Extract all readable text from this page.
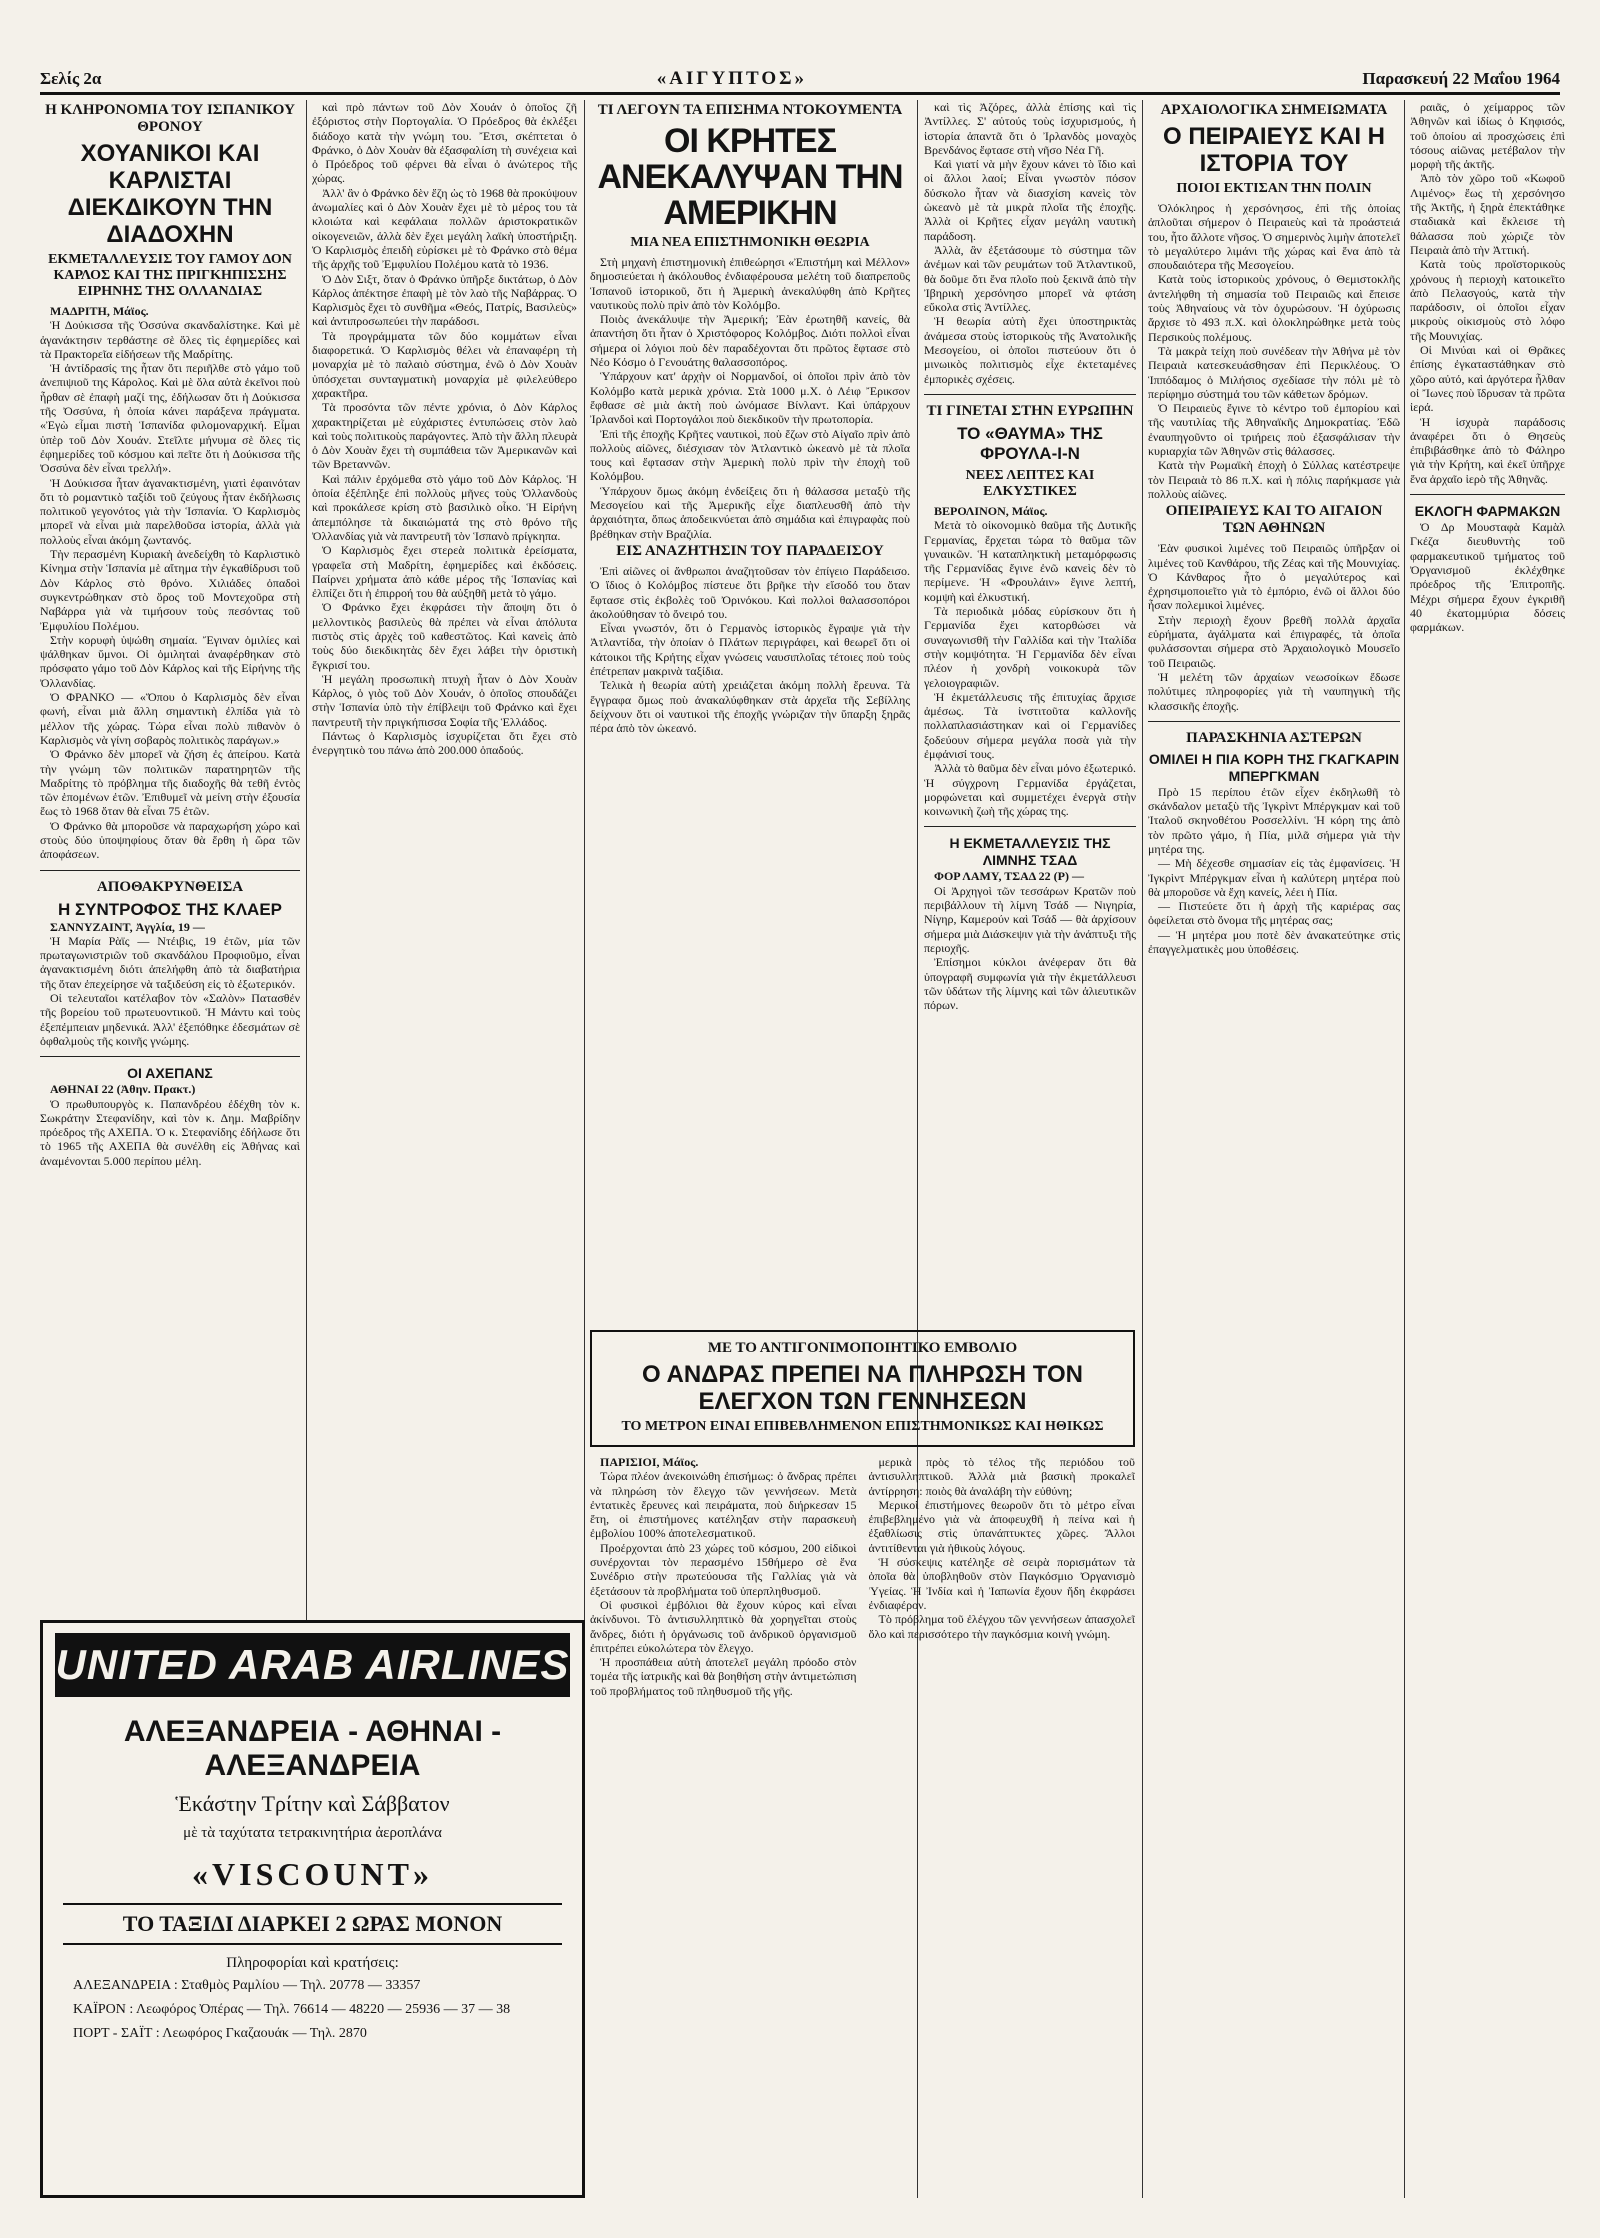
Σελίς 2α	«ΑΙΓΥΠΤΟΣ»	Παρασκευή 22 Μαΐου 1964
Η ΚΛΗΡΟΝΟΜΙΑ ΤΟΥ ΙΣΠΑΝΙΚΟΥ ΘΡΟΝΟΥ
ΧΟΥΑΝΙΚΟΙ ΚΑΙ ΚΑΡΛΙΣΤΑΙ ΔΙΕΚΔΙΚΟΥΝ ΤΗΝ ΔΙΑΔΟΧΗΝ
ΕΚΜΕΤΑΛΛΕΥΣΙΣ ΤΟΥ ΓΑΜΟΥ ΔΟΝ ΚΑΡΛΟΣ ΚΑΙ ΤΗΣ ΠΡΙΓΚΗΠΙΣΣΗΣ ΕΙΡΗΝΗΣ ΤΗΣ ΟΛΛΑΝΔΙΑΣ

ΜΑΔΡΙΤΗ, Μάϊος.

Ἡ Δούκισσα τῆς Ὀσσύνα σκανδαλίστηκε. Καὶ μὲ ἀγανάκτησιν τερθάστηε σὲ ὅλες τὶς ἐφημερίδες καὶ τὰ Πρακτορεῖα εἰδήσεων τῆς Μαδρίτης.

Ἡ ἀντίδρασίς της ἦταν ὅτι περιῆλθε στὸ γάμο τοῦ ἀνεπιψιοῦ της Κάρολος. Καὶ μὲ ὅλα αὐτὰ ἐκεῖνοι ποὺ ἦρθαν σὲ ἐπαφὴ μαζί της, ἐδήλωσαν ὅτι ἡ Δούκισσα τῆς Ὀσσύνα, ἡ ὁποία κάνει παράξενα πράγματα. «Ἐγὼ εἶμαι πιστὴ Ἱσπανίδα φιλομοναρχική. Εἶμαι ὑπὲρ τοῦ Δὸν Χουάν. Στεῖλτε μήνυμα σὲ ὅλες τὶς ἐφημερίδες τοῦ κόσμου καὶ πεῖτε ὅτι ἡ Δούκισσα τῆς Ὀσσύνα δὲν εἶναι τρελλή».

Ἡ Δούκισσα ἦταν ἀγανακτισμένη, γιατὶ ἐφαινόταν ὅτι τὸ ρομαντικὸ ταξίδι τοῦ ζεύγους ἦταν ἐκδήλωσις πολιτικοῦ γεγονότος γιὰ τὴν Ἱσπανία. Ὁ Καρλισμὸς μπορεῖ νὰ εἶναι μιὰ παρελθοῦσα ἱστορία, ἀλλὰ γιὰ πολλοὺς εἶναι ἀκόμη ζωντανός.

Τὴν περασμένη Κυριακὴ ἀνεδείχθη τὸ Καρλιστικὸ Κίνημα στὴν Ἱσπανία μὲ αἴτημα τὴν ἐγκαθίδρυσι τοῦ Δὸν Κάρλος στὸ θρόνο. Χιλιάδες ὀπαδοὶ συγκεντρώθηκαν στὸ ὅρος τοῦ Μοντεχοῦρα στὴ Ναβάρρα γιὰ νὰ τιμήσουν τοὺς πεσόντας τοῦ Ἐμφυλίου Πολέμου.

Στὴν κορυφὴ ὑψώθη σημαία. Ἔγιναν ὁμιλίες καὶ ψάλθηκαν ὕμνοι. Οἱ ὁμιληταὶ ἀναφέρθηκαν στὸ πρόσφατο γάμο τοῦ Δὸν Κάρλος καὶ τῆς Εἰρήνης τῆς Ὀλλανδίας.

Ὁ ΦΡΑΝΚΟ — «Ὅπου ὁ Καρλισμὸς δὲν εἶναι φωνή, εἶναι μιὰ ἄλλη σημαντικὴ ἐλπίδα γιὰ τὸ μέλλον τῆς χώρας. Τώρα εἶναι πολὺ πιθανὸν ὁ Καρλισμὸς νὰ γίνη σοβαρὸς πολιτικὸς παράγων.»

Ὁ Φράνκο δὲν μπορεῖ νὰ ζήση ἐς ἀπείρου. Κατὰ τὴν γνώμη τῶν πολιτικῶν παρατηρητῶν τῆς Μαδρίτης τὸ πρόβλημα τῆς διαδοχῆς θὰ τεθῆ ἐντὸς τῶν ἑπομένων ἐτῶν. Ἐπιθυμεῖ νὰ μείνη στὴν ἐξουσία ἕως τὸ 1968 ὅταν θὰ εἶναι 75 ἐτῶν.

Ὁ Φράνκο θὰ μποροῦσε νὰ παραχωρήση χώρο καὶ στοὺς δύο ὑποψηφίους ὅταν θὰ ἔρθη ἡ ὥρα τῶν ἀποφάσεων.

ΑΠΟΘΑΚΡΥΝΘΕΙΣΑ
Η ΣΥΝΤΡΟΦΟΣ ΤΗΣ ΚΛΑΕΡ

ΣΑΝΝΥΖΑΙΝΤ, Ἀγγλία, 19 —

Ἡ Μαρία Ρὰϊς — Ντέιβις, 19 ἐτῶν, μία τῶν πρωταγωνιστριῶν τοῦ σκανδάλου Προφιοῦμο, εἶναι ἀγανακτισμένη διότι ἀπελήφθη ἀπὸ τὰ διαβατήρια τῆς ὅταν ἐπεχείρησε νὰ ταξιδεύση εἰς τὸ ἐξωτερικόν.

Οἱ τελευταῖοι κατέλαβον τὸν «Σαλὸν» Πατασθέν τῆς βορείου τοῦ πρωτευοντικοῦ. Ἡ Μάντυ καὶ τοὺς ἐξεπέμπειαν μηδενικά. Ἀλλ' ἐξεπόθηκε ἐδεσμάτων σὲ ὀφθαλμοὺς τῆς κοινῆς γνώμης.

ΟΙ ΑΧΕΠΑΝΣ

ΑΘΗΝΑΙ 22 (Ἀθην. Πρακτ.)

Ὁ πρωθυπουργὸς κ. Παπανδρέου ἐδέχθη τὸν κ. Σωκράτην Στεφανίδην, καὶ τὸν κ. Δημ. Μαβρίδην πρόεδρος τῆς ΑΧΕΠΑ. Ὁ κ. Στεφανίδης ἐδήλωσε ὅτι τὸ 1965 τῆς ΑΧΕΠΑ θὰ συνέλθη εἰς Ἀθήνας καὶ ἀναμένονται 5.000 περίπου μέλη.

καὶ πρὸ πάντων τοῦ Δὸν Χουάν ὁ ὁποῖος ζῆ ἐξόριστος στὴν Πορτογαλία. Ὁ Πρόεδρος θὰ ἐκλέξει διάδοχο κατὰ τὴν γνώμη του. Ἔτσι, σκέπτεται ὁ Φράνκο, ὁ Δὸν Χουὰν θὰ ἐξασφαλίση τὴ συνέχεια καὶ ὁ Πρόεδρος τοῦ φέρνει θὰ εἶναι ὁ ἀνώτερος τῆς χώρας.

Ἀλλ' ἂν ὁ Φράνκο δὲν ἔζη ὡς τὸ 1968 θὰ προκύψουν ἀνωμαλίες καὶ ὁ Δὸν Χουὰν ἔχει μὲ τὸ μέρος του τὰ κλοιώτα καὶ κεφάλαια πολλῶν ἀριστοκρατικῶν οἰκογενειῶν, ἀλλὰ δὲν ἔχει μεγάλη λαϊκὴ ὑποστήριξη. Ὁ Καρλισμὸς ἐπειδὴ εὑρίσκει μὲ τὸ Φράνκο στὸ θέμα τῆς ἀρχῆς τοῦ Ἐμφυλίου Πολέμου κατὰ τὸ 1936.

Ὁ Δὸν Σιξτ, ὅταν ὁ Φράνκο ὑπῆρξε δικτάτωρ, ὁ Δὸν Κάρλος ἀπέκτησε ἐπαφὴ μὲ τὸν λαὸ τῆς Ναβάρρας. Ὁ Καρλισμὸς ἔχει τὸ συνθῆμα «Θεός, Πατρίς, Βασιλεὺς» καὶ ἀντιπροσωπεύει τὴν παράδοσι.

Τὰ προγράμματα τῶν δύο κομμάτων εἶναι διαφορετικά. Ὁ Καρλισμὸς θέλει νὰ ἐπαναφέρη τὴ μοναρχία μὲ τὸ παλαιὸ σύστημα, ἐνῶ ὁ Δὸν Χουὰν ὑπόσχεται συνταγματικὴ μοναρχία μὲ φιλελεύθερο χαρακτῆρα.

Τὰ προσόντα τῶν πέντε χρόνια, ὁ Δὸν Κάρλος χαρακτηρίζεται μὲ εὐχάριστες ἐντυπώσεις στὸν λαὸ καὶ τοὺς πολιτικοὺς παράγοντες. Ἀπὸ τὴν ἄλλη πλευρὰ ὁ Δὸν Χουὰν ἔχει τὴ συμπάθεια τῶν Ἀμερικανῶν καὶ τῶν Βρεταννῶν.

Καὶ πάλιν ἐρχόμεθα στὸ γάμο τοῦ Δὸν Κάρλος. Ἡ ὁποία ἐξέπληξε ἐπὶ πολλοὺς μῆνες τοὺς Ὀλλανδοὺς καὶ προκάλεσε κρίση στὸ βασιλικὸ οἶκο. Ἡ Εἰρήνη ἀπεμπόλησε τὰ δικαιώματά της στὸ θρόνο τῆς Ὀλλανδίας γιὰ νὰ παντρευτῆ τὸν Ἱσπανὸ πρίγκηπα.

Ὁ Καρλισμὸς ἔχει στερεὰ πολιτικὰ ἐρείσματα, γραφεῖα στὴ Μαδρίτη, ἐφημερίδες καὶ ἐκδόσεις. Παίρνει χρήματα ἀπὸ κάθε μέρος τῆς Ἱσπανίας καὶ ἐλπίζει ὅτι ἡ ἐπιρροή του θὰ αὐξηθῆ μετὰ τὸ γάμο.

Ὁ Φράνκο ἔχει ἐκφράσει τὴν ἄποψη ὅτι ὁ μελλοντικὸς βασιλεὺς θὰ πρέπει νὰ εἶναι ἀπόλυτα πιστὸς στὶς ἀρχὲς τοῦ καθεστῶτος. Καὶ κανεὶς ἀπὸ τοὺς δύο διεκδικητὰς δὲν ἔχει λάβει τὴν ὁριστικὴ ἔγκρισί του.

Ἡ μεγάλη προσωπικὴ πτυχὴ ἦταν ὁ Δὸν Χουὰν Κάρλος, ὁ γιὸς τοῦ Δὸν Χουάν, ὁ ὁποῖος σπουδάζει στὴν Ἱσπανία ὑπὸ τὴν ἐπίβλεψι τοῦ Φράνκο καὶ ἔχει παντρευτῆ τὴν πριγκήπισσα Σοφία τῆς Ἑλλάδος.

Πάντως ὁ Καρλισμὸς ἰσχυρίζεται ὅτι ἔχει στὸ ἐνεργητικὸ του πάνω ἀπὸ 200.000 ὀπαδούς.

ΤΙ ΛΕΓΟΥΝ ΤΑ ΕΠΙΣΗΜΑ ΝΤΟΚΟΥΜΕΝΤΑ
ΟΙ ΚΡΗΤΕΣ ΑΝΕΚΑΛΥΨΑΝ ΤΗΝ ΑΜΕΡΙΚΗΝ
ΜΙΑ ΝΕΑ ΕΠΙΣΤΗΜΟΝΙΚΗ ΘΕΩΡΙΑ

Στὴ μηχανὴ ἐπιστημονικὴ ἐπιθεώρησι «Ἐπιστήμη καὶ Μέλλον» δημοσιεύεται ἡ ἀκόλουθος ἐνδιαφέρουσα μελέτη τοῦ διαπρεποῦς Ἱσπανοῦ ἱστορικοῦ, ὅτι ἡ Ἀμερικὴ ἀνεκαλύφθη ἀπὸ Κρῆτες ναυτικοὺς πολὺ πρὶν ἀπὸ τὸν Κολόμβο.

Ποιὸς ἀνεκάλυψε τὴν Ἀμερική; Ἐὰν ἐρωτηθῆ κανείς, θὰ ἀπαντήση ὅτι ἦταν ὁ Χριστόφορος Κολόμβος. Διότι πολλοὶ εἶναι σήμερα οἱ λόγιοι ποὺ δὲν παραδέχονται ὅτι πρῶτος ἔφτασε στὸ Νέο Κόσμο ὁ Γενουάτης θαλασσοπόρος.

Ὑπάρχουν κατ' ἀρχὴν οἱ Νορμανδοί, οἱ ὁποῖοι πρὶν ἀπὸ τὸν Κολόμβο κατὰ μερικὰ χρόνια. Στὰ 1000 μ.Χ. ὁ Λέιφ Ἔρικσον ἔφθασε σὲ μιὰ ἀκτὴ ποὺ ὠνόμασε Βίνλαντ. Καὶ ὑπάρχουν Ἰρλανδοὶ καὶ Πορτογάλοι ποὺ διεκδικοῦν τὴν πρωτοπορία.

Ἐπὶ τῆς ἐποχῆς Κρῆτες ναυτικοὶ, ποὺ ἔζων στὸ Αἰγαῖο πρὶν ἀπὸ πολλοὺς αἰῶνες, διέσχισαν τὸν Ἀτλαντικὸ ὠκεανὸ μὲ τὰ πλοῖα τους καὶ ἔφτασαν στὴν Ἀμερικὴ πολὺ πρὶν τὴν ἐποχὴ τοῦ Κολόμβου.

Ὑπάρχουν ὅμως ἀκόμη ἐνδείξεις ὅτι ἡ θάλασσα μεταξὺ τῆς Μεσογείου καὶ τῆς Ἀμερικῆς εἶχε διαπλευσθῆ ἀπὸ τὴν ἀρχαιότητα, ὅπως ἀποδεικνύεται ἀπὸ σημάδια καὶ ἐπιγραφὰς ποὺ βρέθηκαν στὴν Βραζιλία.

ΕΙΣ ΑΝΑΖΗΤΗΣΙΝ ΤΟΥ ΠΑΡΑΔΕΙΣΟΥ

Ἐπὶ αἰῶνες οἱ ἄνθρωποι ἀναζητοῦσαν τὸν ἐπίγειο Παράδεισο. Ὁ ἴδιος ὁ Κολόμβος πίστευε ὅτι βρῆκε τὴν εἴσοδό του ὅταν ἔφτασε στὶς ἐκβολὲς τοῦ Ὀρινόκου. Καὶ πολλοὶ θαλασσοπόροι ἀκολούθησαν τὸ ὄνειρό του.

Εἶναι γνωστόν, ὅτι ὁ Γερμανὸς ἱστορικὸς ἔγραψε γιὰ τὴν Ἀτλαντίδα, τὴν ὁποίαν ὁ Πλάτων περιγράφει, καὶ θεωρεῖ ὅτι οἱ κάτοικοι τῆς Κρήτης εἶχαν γνώσεις ναυσιπλοΐας τέτοιες ποὺ τοὺς ἐπέτρεπαν μακρινὰ ταξίδια.

Τελικὰ ἡ θεωρία αὐτὴ χρειάζεται ἀκόμη πολλὴ ἔρευνα. Τὰ ἔγγραφα ὅμως ποὺ ἀνακαλύφθηκαν στὰ ἀρχεῖα τῆς Σεβίλλης δείχνουν ὅτι οἱ ναυτικοὶ τῆς ἐποχῆς γνώριζαν τὴν ὕπαρξη ξηρᾶς πέρα ἀπὸ τὸν ὠκεανό.

καὶ τὶς Ἀζόρες, ἀλλὰ ἐπίσης καὶ τὶς Ἀντίλλες. Σ' αὐτούς τοὺς ἰσχυρισμούς, ἡ ἱστορία ἀπαντᾶ ὅτι ὁ Ἰρλανδὸς μοναχὸς Βρενδάνος ἔφτασε στὴ νῆσο Νέα Γῆ.

Καὶ γιατί νὰ μὴν ἔχουν κάνει τὸ ἴδιο καὶ οἱ ἄλλοι λαοί; Εἶναι γνωστὸν πόσον δύσκολο ἦταν νὰ διασχίση κανεὶς τὸν ὠκεανὸ μὲ τὰ μικρὰ πλοῖα τῆς ἐποχῆς. Ἀλλὰ οἱ Κρῆτες εἶχαν μεγάλη ναυτικὴ παράδοση.

Ἀλλὰ, ἂν ἐξετάσουμε τὸ σύστημα τῶν ἀνέμων καὶ τῶν ρευμάτων τοῦ Ἀτλαντικοῦ, θὰ δοῦμε ὅτι ἕνα πλοῖο ποὺ ξεκινᾶ ἀπὸ τὴν Ἰβηρικὴ χερσόνησο μπορεῖ νὰ φτάση εὔκολα στὶς Ἀντίλλες.

Ἡ θεωρία αὐτὴ ἔχει ὑποστηρικτὰς ἀνάμεσα στοὺς ἱστορικοὺς τῆς Ἀνατολικῆς Μεσογείου, οἱ ὁποῖοι πιστεύουν ὅτι ὁ μινωικὸς πολιτισμὸς εἶχε ἐκτεταμένες ἐμπορικὲς σχέσεις.

ΤΙ ΓΙΝΕΤΑΙ ΣΤΗΝ ΕΥΡΩΠΗΝ
ΤΟ «ΘΑΥΜΑ» ΤΗΣ ΦΡΟΥΛΑ-Ι-Ν
ΝΕΕΣ ΛΕΠΤΕΣ ΚΑΙ ΕΛΚΥΣΤΙΚΕΣ

ΒΕΡΟΛΙΝΟΝ, Μάϊος.

Μετὰ τὸ οἰκονομικὸ θαῦμα τῆς Δυτικῆς Γερμανίας, ἔρχεται τώρα τὸ θαῦμα τῶν γυναικῶν. Ἡ καταπληκτικὴ μεταμόρφωσις τῆς Γερμανίδας ἔγινε ἐνῶ κανεὶς δὲν τὸ περίμενε. Ἡ «Φρουλάιν» ἔγινε λεπτή, κομψὴ καὶ ἐλκυστική.

Τὰ περιοδικὰ μόδας εὑρίσκουν ὅτι ἡ Γερμανίδα ἔχει κατορθώσει νὰ συναγωνισθῆ τὴν Γαλλίδα καὶ τὴν Ἰταλίδα στὴν κομψότητα. Ἡ Γερμανίδα δὲν εἶναι πλέον ἡ χονδρὴ νοικοκυρὰ τῶν γελοιογραφιῶν.

Ἡ ἐκμετάλλευσις τῆς ἐπιτυχίας ἄρχισε ἀμέσως. Τὰ ἰνστιτοῦτα καλλονῆς πολλαπλασιάστηκαν καὶ οἱ Γερμανίδες ξοδεύουν σήμερα μεγάλα ποσὰ γιὰ τὴν ἐμφάνισί τους.

Ἀλλὰ τὸ θαῦμα δὲν εἶναι μόνο ἐξωτερικό. Ἡ σύγχρονη Γερμανίδα ἐργάζεται, μορφώνεται καὶ συμμετέχει ἐνεργὰ στὴν κοινωνικὴ ζωὴ τῆς χώρας της.

Η ΕΚΜΕΤΑΛΛΕΥΣΙΣ ΤΗΣ ΛΙΜΝΗΣ ΤΣΑΔ

ΦΟΡ ΛΑΜΥ, ΤΣΑΔ 22 (Ρ) —

Οἱ Ἀρχηγοὶ τῶν τεσσάρων Κρατῶν ποὺ περιβάλλουν τὴ λίμνη Τσάδ — Νιγηρία, Νίγηρ, Καμερούν καὶ Τσάδ — θὰ ἀρχίσουν σήμερα μιὰ Διάσκεψιν γιὰ τὴν ἀνάπτυξι τῆς περιοχῆς.

Ἐπίσημοι κύκλοι ἀνέφεραν ὅτι θὰ ὑπογραφῆ συμφωνία γιὰ τὴν ἐκμετάλλευσι τῶν ὑδάτων τῆς λίμνης καὶ τῶν ἀλιευτικῶν πόρων.

ΑΡΧΑΙΟΛΟΓΙΚΑ ΣΗΜΕΙΩΜΑΤΑ
Ο ΠΕΙΡΑΙΕΥΣ ΚΑΙ Η ΙΣΤΟΡΙΑ ΤΟΥ
ΠΟΙΟΙ ΕΚΤΙΣΑΝ ΤΗΝ ΠΟΛΙΝ

Ὁλόκληρος ἡ χερσόνησος, ἐπὶ τῆς ὁποίας ἀπλοῦται σήμερον ὁ Πειραιεὺς καὶ τὰ προάστειά του, ἦτο ἄλλοτε νῆσος. Ὁ σημερινὸς λιμὴν ἀποτελεῖ τὸ μεγαλύτερο λιμάνι τῆς χώρας καὶ ἕνα ἀπὸ τὰ σπουδαιότερα τῆς Μεσογείου.

Κατὰ τοὺς ἱστορικοὺς χρόνους, ὁ Θεμιστοκλῆς ἀντελήφθη τὴ σημασία τοῦ Πειραιῶς καὶ ἔπεισε τοὺς Ἀθηναίους νὰ τὸν ὀχυρώσουν. Ἡ ὀχύρωσις ἄρχισε τὸ 493 π.Χ. καὶ ὁλοκληρώθηκε μετὰ τοὺς Περσικοὺς πολέμους.

Τὰ μακρὰ τείχη ποὺ συνέδεαν τὴν Ἀθήνα μὲ τὸν Πειραιὰ κατεσκευάσθησαν ἐπὶ Περικλέους. Ὁ Ἱππόδαμος ὁ Μιλήσιος σχεδίασε τὴν πόλι μὲ τὸ περίφημο σύστημά του τῶν κάθετων δρόμων.

Ὁ Πειραιεὺς ἔγινε τὸ κέντρο τοῦ ἐμπορίου καὶ τῆς ναυτιλίας τῆς Ἀθηναϊκῆς Δημοκρατίας. Ἐδῶ ἐναυπηγοῦντο οἱ τριήρεις ποὺ ἐξασφάλισαν τὴν κυριαρχία τῶν Ἀθηνῶν στὶς θάλασσες.

Κατὰ τὴν Ρωμαϊκὴ ἐποχὴ ὁ Σύλλας κατέστρεψε τὸν Πειραιὰ τὸ 86 π.Χ. καὶ ἡ πόλις παρήκμασε γιὰ πολλοὺς αἰῶνες.

ΟΠΕΙΡΑΙΕΥΣ ΚΑΙ ΤΟ ΑΙΓΑΙΟΝ ΤΩΝ ΑΘΗΝΩΝ

Ἐὰν φυσικοὶ λιμένες τοῦ Πειραιῶς ὑπῆρξαν οἱ λιμένες τοῦ Κανθάρου, τῆς Ζέας καὶ τῆς Μουνιχίας. Ὁ Κάνθαρος ἦτο ὁ μεγαλύτερος καὶ ἐχρησιμοποιεῖτο γιὰ τὸ ἐμπόριο, ἐνῶ οἱ ἄλλοι δύο ἦσαν πολεμικοὶ λιμένες.

Στὴν περιοχὴ ἔχουν βρεθῆ πολλὰ ἀρχαῖα εὑρήματα, ἀγάλματα καὶ ἐπιγραφές, τὰ ὁποῖα φυλάσσονται σήμερα στὸ Ἀρχαιολογικὸ Μουσεῖο τοῦ Πειραιῶς.

Ἡ μελέτη τῶν ἀρχαίων νεωσοίκων ἔδωσε πολύτιμες πληροφορίες γιὰ τὴ ναυπηγικὴ τῆς κλασσικῆς ἐποχῆς.

ΠΑΡΑΣΚΗΝΙΑ ΑΣΤΕΡΩΝ
ΟΜΙΛΕΙ Η ΠΙΑ ΚΟΡΗ ΤΗΣ ΓΚΑΓΚΑΡΙΝ ΜΠΕΡΓΚΜΑΝ

Πρὸ 15 περίπου ἐτῶν εἶχεν ἐκδηλωθῆ τὸ σκάνδαλον μεταξὺ τῆς Ἰγκρὶντ Μπέργκμαν καὶ τοῦ Ἰταλοῦ σκηνοθέτου Ροσσελλίνι. Ἡ κόρη της ἀπὸ τὸν πρῶτο γάμο, ἡ Πία, μιλᾶ σήμερα γιὰ τὴν μητέρα της.

— Μὴ δέχεσθε σημασίαν εἰς τὰς ἐμφανίσεις. Ἡ Ἰγκρὶντ Μπέργκμαν εἶναι ἡ καλύτερη μητέρα ποὺ θὰ μποροῦσε νὰ ἔχη κανείς, λέει ἡ Πία.

— Πιστεύετε ὅτι ἡ ἀρχὴ τῆς καριέρας σας ὀφείλεται στὸ ὄνομα τῆς μητέρας σας;

— Ἡ μητέρα μου ποτὲ δὲν ἀνακατεύτηκε στὶς ἐπαγγελματικὲς μου ὑποθέσεις.

ραιᾶς, ὁ χείμαρρος τῶν Ἀθηνῶν καὶ ἰδίως ὁ Κηφισός, τοῦ ὁποίου αἱ προσχώσεις ἐπὶ τόσους αἰῶνας μετέβαλον τὴν μορφὴ τῆς ἀκτῆς.

Ἀπὸ τὸν χῶρο τοῦ «Κωφοῦ Λιμένος» ἔως τὴ χερσόνησο τῆς Ἀκτῆς, ἡ ξηρὰ ἐπεκτάθηκε σταδιακὰ καὶ ἔκλεισε τὴ θάλασσα ποὺ χώριζε τὸν Πειραιὰ ἀπὸ τὴν Ἀττική.

Κατὰ τοὺς προϊστορικοὺς χρόνους ἡ περιοχὴ κατοικεῖτο ἀπὸ Πελασγούς, κατὰ τὴν παράδοσιν, οἱ ὁποῖοι εἶχαν μικροὺς οἰκισμοὺς στὸ λόφο τῆς Μουνιχίας.

Οἱ Μινύαι καὶ οἱ Θρᾶκες ἐπίσης ἐγκαταστάθηκαν στὸ χῶρο αὐτό, καὶ ἀργότερα ἦλθαν οἱ Ἴωνες ποὺ ἵδρυσαν τὰ πρῶτα ἱερά.

Ἡ ἰσχυρὰ παράδοσις ἀναφέρει ὅτι ὁ Θησεὺς ἐπιβιβάσθηκε ἀπὸ τὸ Φάληρο γιὰ τὴν Κρήτη, καὶ ἐκεῖ ὑπῆρχε ἕνα ἀρχαῖο ἱερὸ τῆς Ἀθηνᾶς.

ΕΚΛΟΓΗ ΦΑΡΜΑΚΩΝ

Ὁ Δρ Μουσταφὰ Καμὰλ Γκέζα διευθυντὴς τοῦ φαρμακευτικοῦ τμήματος τοῦ Ὀργανισμοῦ ἐκλέχθηκε πρόεδρος τῆς Ἐπιτροπῆς. Μέχρι σήμερα ἔχουν ἐγκριθῆ 40 ἐκατομμύρια δόσεις φαρμάκων.

ΜΕ ΤΟ ΑΝΤΙΓΟΝΙΜΟΠΟΙΗΤΙΚΟ ΕΜΒΟΛΙΟ
Ο ΑΝΔΡΑΣ ΠΡΕΠΕΙ ΝΑ ΠΛΗΡΩΣΗ ΤΟΝ ΕΛΕΓΧΟΝ ΤΩΝ ΓΕΝΝΗΣΕΩΝ
ΤΟ ΜΕΤΡΟΝ ΕΙΝΑΙ ΕΠΙΒΕΒΛΗΜΕΝΟΝ ΕΠΙΣΤΗΜΟΝΙΚΩΣ ΚΑΙ ΗΘΙΚΩΣ

ΠΑΡΙΣΙΟΙ, Μάϊος.

Τώρα πλέον ἀνεκοινώθη ἐπισήμως: ὁ ἄνδρας πρέπει νὰ πληρώση τὸν ἔλεγχο τῶν γεννήσεων. Μετὰ ἐντατικὲς ἔρευνες καὶ πειράματα, ποὺ διήρκεσαν 15 ἔτη, οἱ ἐπιστήμονες κατέληξαν στὴν παρασκευὴ ἐμβολίου 100% ἀποτελεσματικοῦ.

Προέρχονται ἀπὸ 23 χώρες τοῦ κόσμου, 200 εἰδικοὶ συνέρχονται τὸν περασμένο 15θήμερο σὲ ἕνα Συνέδριο στὴν πρωτεύουσα τῆς Γαλλίας γιὰ νὰ ἐξετάσουν τὰ προβλήματα τοῦ ὑπερπληθυσμοῦ.

Οἱ φυσικοὶ ἐμβόλιοι θὰ ἔχουν κύρος καὶ εἶναι ἀκίνδυνοι. Τὸ ἀντισυλληπτικὸ θὰ χορηγεῖται στοὺς ἄνδρες, διότι ἡ ὀργάνωσις τοῦ ἀνδρικοῦ ὀργανισμοῦ ἐπιτρέπει εὐκολώτερα τὸν ἔλεγχο.

Ἡ προσπάθεια αὐτὴ ἀποτελεῖ μεγάλη πρόοδο στὸν τομέα τῆς ἰατρικῆς καὶ θὰ βοηθήση στὴν ἀντιμετώπιση τοῦ προβλήματος τοῦ πληθυσμοῦ τῆς γῆς.

μερικὰ πρὸς τὸ τέλος τῆς περιόδου τοῦ ἀντισυλληπτικοῦ. Ἀλλὰ μιὰ βασικὴ προκαλεῖ ἀντίρρηση: ποιὸς θὰ ἀναλάβη τὴν εὐθύνη;

Μερικοὶ ἐπιστήμονες θεωροῦν ὅτι τὸ μέτρο εἶναι ἐπιβεβλημένο γιὰ νὰ ἀποφευχθῆ ἡ πείνα καὶ ἡ ἐξαθλίωσις στὶς ὑπανάπτυκτες χῶρες. Ἄλλοι ἀντιτίθενται γιὰ ἠθικοὺς λόγους.

Ἡ σύσκεψις κατέληξε σὲ σειρὰ πορισμάτων τὰ ὁποῖα θὰ ὑποβληθοῦν στὸν Παγκόσμιο Ὀργανισμὸ Ὑγείας. Ἡ Ἰνδία καὶ ἡ Ἰαπωνία ἔχουν ἤδη ἐκφράσει ἐνδιαφέρον.

Τὸ πρόβλημα τοῦ ἐλέγχου τῶν γεννήσεων ἀπασχολεῖ ὅλο καὶ περισσότερο τὴν παγκόσμια κοινὴ γνώμη.

UNITED ARAB AIRLINES
ΑΛΕΞΑΝΔΡΕΙΑ - ΑΘΗΝΑΙ - ΑΛΕΞΑΝΔΡΕΙΑ
Ἑκάστην Τρίτην καὶ Σάββατον
μὲ τὰ ταχύτατα τετρακινητήρια ἀεροπλάνα
«VISCOUNT»
ΤΟ ΤΑΞΙΔΙ ΔΙΑΡΚΕΙ 2 ΩΡΑΣ ΜΟΝΟΝ
Πληροφορίαι καὶ κρατήσεις:
ΑΛΕΞΑΝΔΡΕΙΑ : Σταθμὸς Ραμλίου — Τηλ. 20778 — 33357
ΚΑΪΡΟΝ : Λεωφόρος Ὀπέρας — Τηλ. 76614 — 48220 — 25936 — 37 — 38
ΠΟΡΤ - ΣΑΪΤ : Λεωφόρος Γκαζαουάκ — Τηλ. 2870
